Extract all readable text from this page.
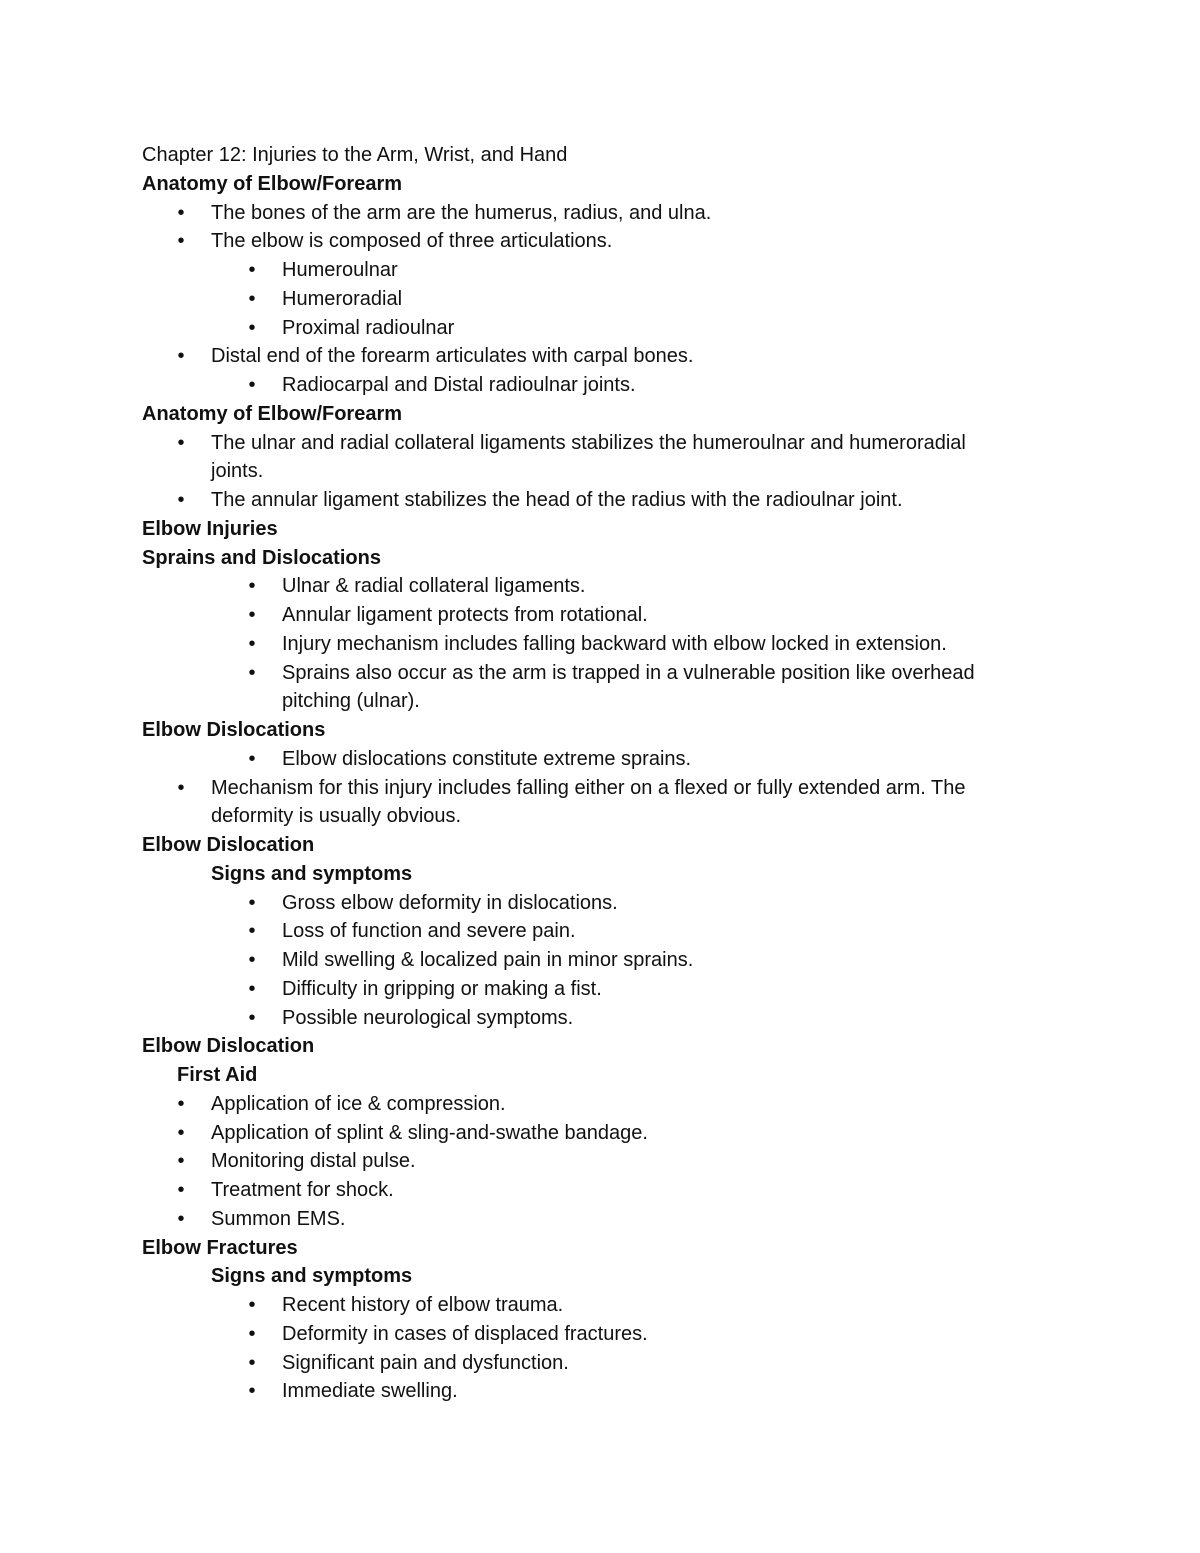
Chapter 12: Injuries to the Arm, Wrist, and Hand
Anatomy of Elbow/Forearm
• The bones of the arm are the humerus, radius, and ulna.
• The elbow is composed of three articulations.
• Humeroulnar
• Humeroradial
• Proximal radioulnar
• Distal end of the forearm articulates with carpal bones.
• Radiocarpal and Distal radioulnar joints.
Anatomy of Elbow/Forearm
• The ulnar and radial collateral ligaments stabilizes the humeroulnar and humeroradial
joints.
• The annular ligament stabilizes the head of the radius with the radioulnar joint.
Elbow Injuries
Sprains and Dislocations
• Ulnar & radial collateral ligaments.
• Annular ligament protects from rotational.
• Injury mechanism includes falling backward with elbow locked in extension.
• Sprains also occur as the arm is trapped in a vulnerable position like overhead
pitching (ulnar).
Elbow Dislocations
• Elbow dislocations constitute extreme sprains.
• Mechanism for this injury includes falling either on a flexed or fully extended arm. The
deformity is usually obvious.
Elbow Dislocation
Signs and symptoms
• Gross elbow deformity in dislocations.
• Loss of function and severe pain.
• Mild swelling & localized pain in minor sprains.
• Difficulty in gripping or making a fist.
• Possible neurological symptoms.
Elbow Dislocation
First Aid
• Application of ice & compression.
• Application of splint & sling-and-swathe bandage.
• Monitoring distal pulse.
• Treatment for shock.
• Summon EMS.
Elbow Fractures
Signs and symptoms
• Recent history of elbow trauma.
• Deformity in cases of displaced fractures.
• Significant pain and dysfunction.
• Immediate swelling.
